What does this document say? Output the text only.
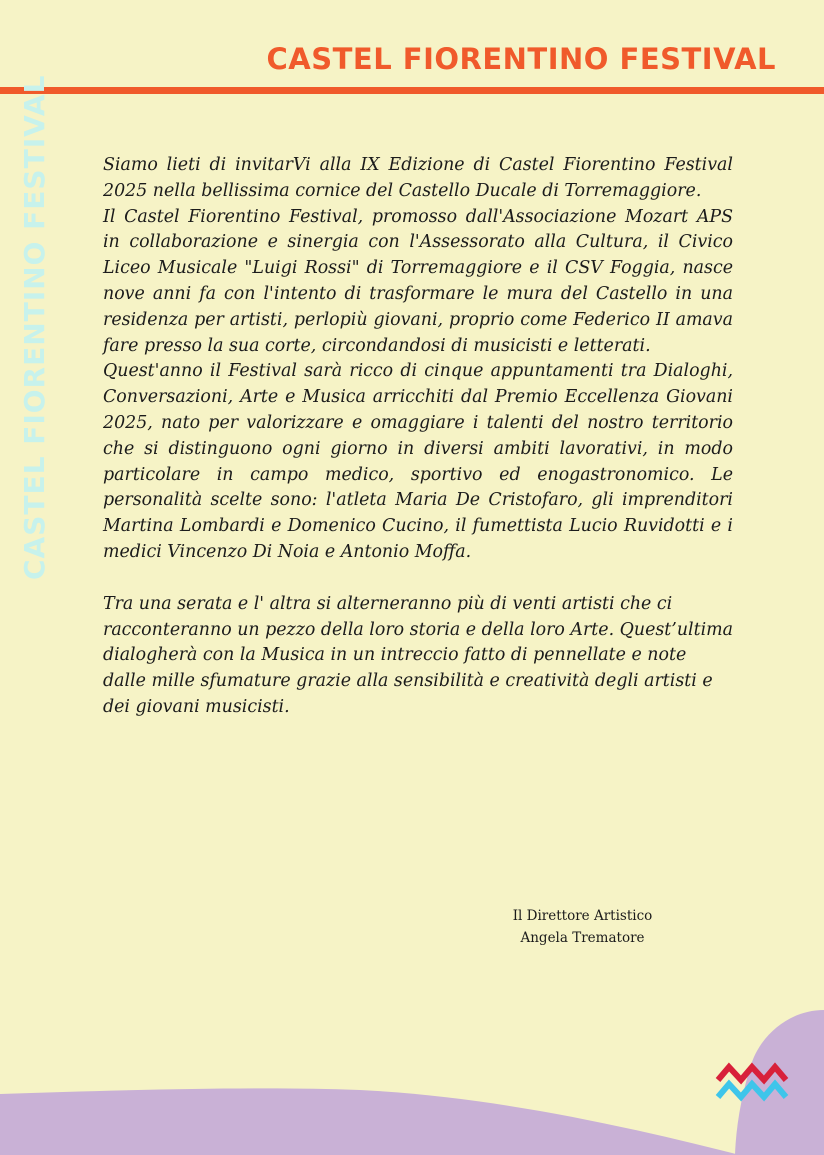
CASTEL FIORENTINO FESTIVAL
CASTEL FIORENTINO FESTIVAL	Siamo lieti di invitarVi alla IX Edizione di Castel Fiorentino Festival 2025 nella bellissima cornice del Castello Ducale di Torremaggiore.

Il Castel Fiorentino Festival, promosso dall'Associazione Mozart APS in collaborazione e sinergia con l'Assessorato alla Cultura, il Civico Liceo Musicale "Luigi Rossi" di Torremaggiore e il CSV Foggia, nasce nove anni fa con l'intento di trasformare le mura del Castello in una residenza per artisti, perlopiù giovani, proprio come Federico II amava fare presso la sua corte, circondandosi di musicisti e letterati.

Quest'anno il Festival sarà ricco di cinque appuntamenti tra Dialoghi, Conversazioni, Arte e Musica arricchiti dal Premio Eccellenza Giovani 2025, nato per valorizzare e omaggiare i talenti del nostro territorio che si distinguono ogni giorno in diversi ambiti lavorativi, in modo particolare in campo medico, sportivo ed enogastronomico. Le personalità scelte sono: l'atleta Maria De Cristofaro, gli imprenditori Martina Lombardi e Domenico Cucino, il fumettista Lucio Ruvidotti e i medici Vincenzo Di Noia e Antonio Moffa.

Tra una serata e l' altra si alterneranno più di venti artisti che ci racconteranno un pezzo della loro storia e della loro Arte. Quest’ultima dialogherà con la Musica in un intreccio fatto di pennellate e note dalle mille sfumature grazie alla sensibilità e creatività degli artisti e dei giovani musicisti.

Il Direttore Artistico
Angela Trematore
